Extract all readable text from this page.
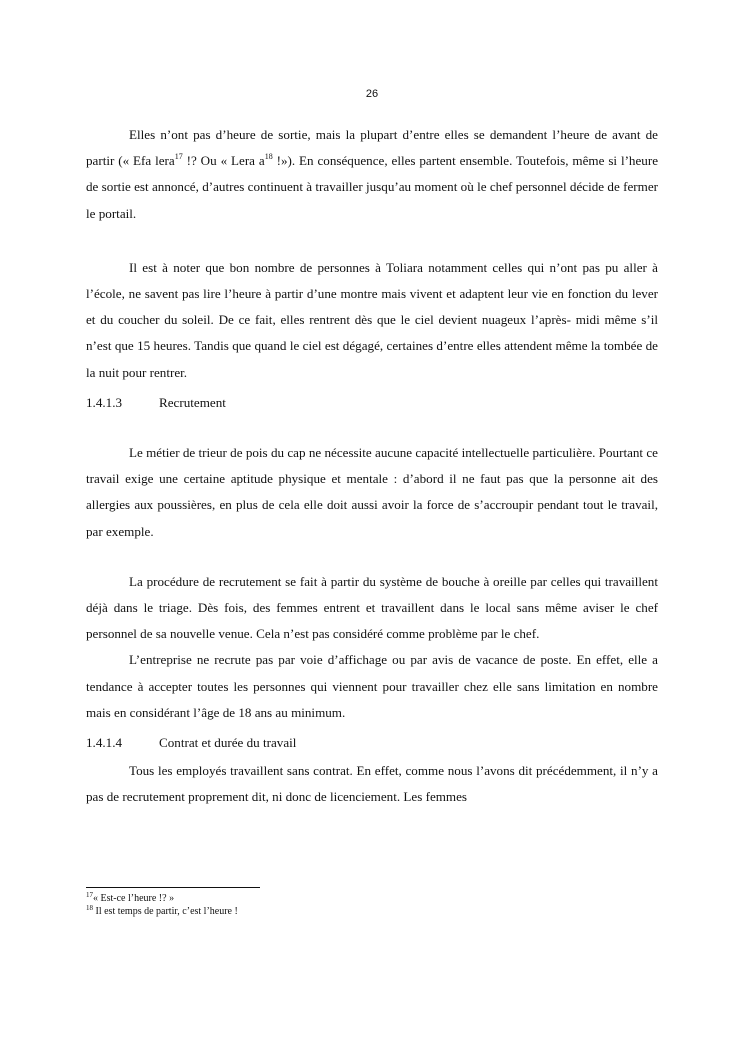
26

Elles n’ont pas d’heure de sortie, mais la plupart d’entre elles se demandent l’heure de avant de partir (« Efa lera$^{17}$ !? Ou « Lera $a^{18}$ !»). En conséquence, elles partent ensemble. Toutefois, même si l’heure de sortie est annoncé, d’autres continuent à travailler jusqu’au moment où le chef personnel décide de fermer le portail.

Il est à noter que bon nombre de personnes à Toliara notamment celles qui n’ont pas pu aller à l’école, ne savent pas lire l’heure à partir d’une montre mais vivent et adaptent leur vie en fonction du lever et du coucher du soleil. De ce fait, elles rentrent dès que le ciel devient nuageux l’après- midi même s’il n’est que 15 heures. Tandis que quand le ciel est dégagé, certaines d’entre elles attendent même la tombée de la nuit pour rentrer.

1.4.1.3	Recrutement

Le métier de trieur de pois du cap ne nécessite aucune capacité intellectuelle particulière. Pourtant ce travail exige une certaine aptitude physique et mentale : d’abord il ne faut pas que la personne ait des allergies aux poussières, en plus de cela elle doit aussi avoir la force de s’accroupir pendant tout le travail, par exemple.

La procédure de recrutement se fait à partir du système de bouche à oreille par celles qui travaillent déjà dans le triage. Dès fois, des femmes entrent et travaillent dans le local sans même aviser le chef personnel de sa nouvelle venue. Cela n’est pas considéré comme problème par le chef.

L’entreprise ne recrute pas par voie d’affichage ou par avis de vacance de poste. En effet, elle a tendance à accepter toutes les personnes qui viennent pour travailler chez elle sans limitation en nombre mais en considérant l’âge de 18 ans au minimum.

1.4.1.4	Contrat et durée du travail

Tous les employés travaillent sans contrat. En effet, comme nous l’avons dit précédemment, il n’y a pas de recrutement proprement dit, ni donc de licenciement. Les femmes

$^{17}$« Est-ce l’heure !? »
$^{18}$ Il est temps de partir, c’est l’heure !
